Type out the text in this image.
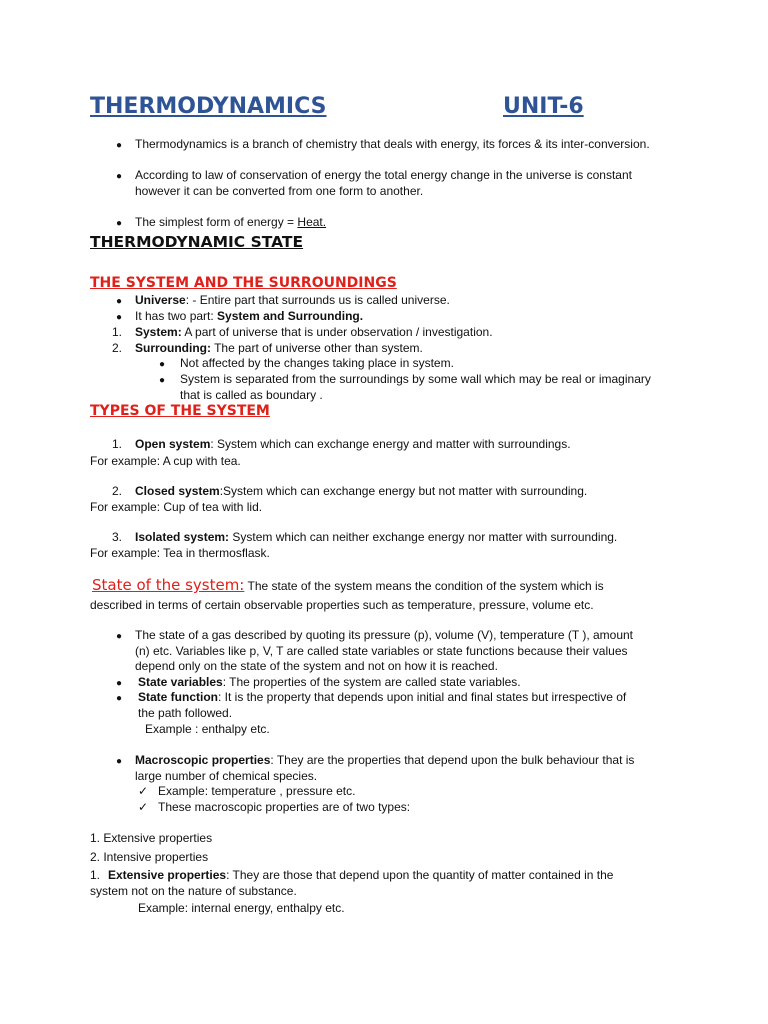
THERMODYNAMICS	UNIT-6
● Thermodynamics is a branch of chemistry that deals with energy, its forces & its inter-conversion.
● According to law of conservation of energy the total energy change in the universe is constant
however it can be converted from one form to another.
● The simplest form of energy = Heat.
THERMODYNAMIC STATE
THE SYSTEM AND THE SURROUNDINGS
● Universe: - Entire part that surrounds us is called universe.
● It has two part: System and Surrounding.
1. System: A part of universe that is under observation / investigation.
2. Surrounding: The part of universe other than system.
● Not affected by the changes taking place in system.
● System is separated from the surroundings by some wall which may be real or imaginary
that is called as boundary .
TYPES OF THE SYSTEM
1. Open system: System which can exchange energy and matter with surroundings.
For example: A cup with tea.
2. Closed system:System which can exchange energy but not matter with surrounding.
For example: Cup of tea with lid.
3. Isolated system: System which can neither exchange energy nor matter with surrounding.
For example: Tea in thermosflask.
State of the system: The state of the system means the condition of the system which is
described in terms of certain observable properties such as temperature, pressure, volume etc.
● The state of a gas described by quoting its pressure (p), volume (V), temperature (T ), amount
(n) etc. Variables like p, V, T are called state variables or state functions because their values
depend only on the state of the system and not on how it is reached.
● State variables: The properties of the system are called state variables.
● State function: It is the property that depends upon initial and final states but irrespective of
the path followed.
Example : enthalpy etc.
● Macroscopic properties: They are the properties that depend upon the bulk behaviour that is
large number of chemical species.
✓ Example: temperature , pressure etc.
✓ These macroscopic properties are of two types:
1. Extensive properties
2. Intensive properties
1. Extensive properties: They are those that depend upon the quantity of matter contained in the
system not on the nature of substance.
Example: internal energy, enthalpy etc.
